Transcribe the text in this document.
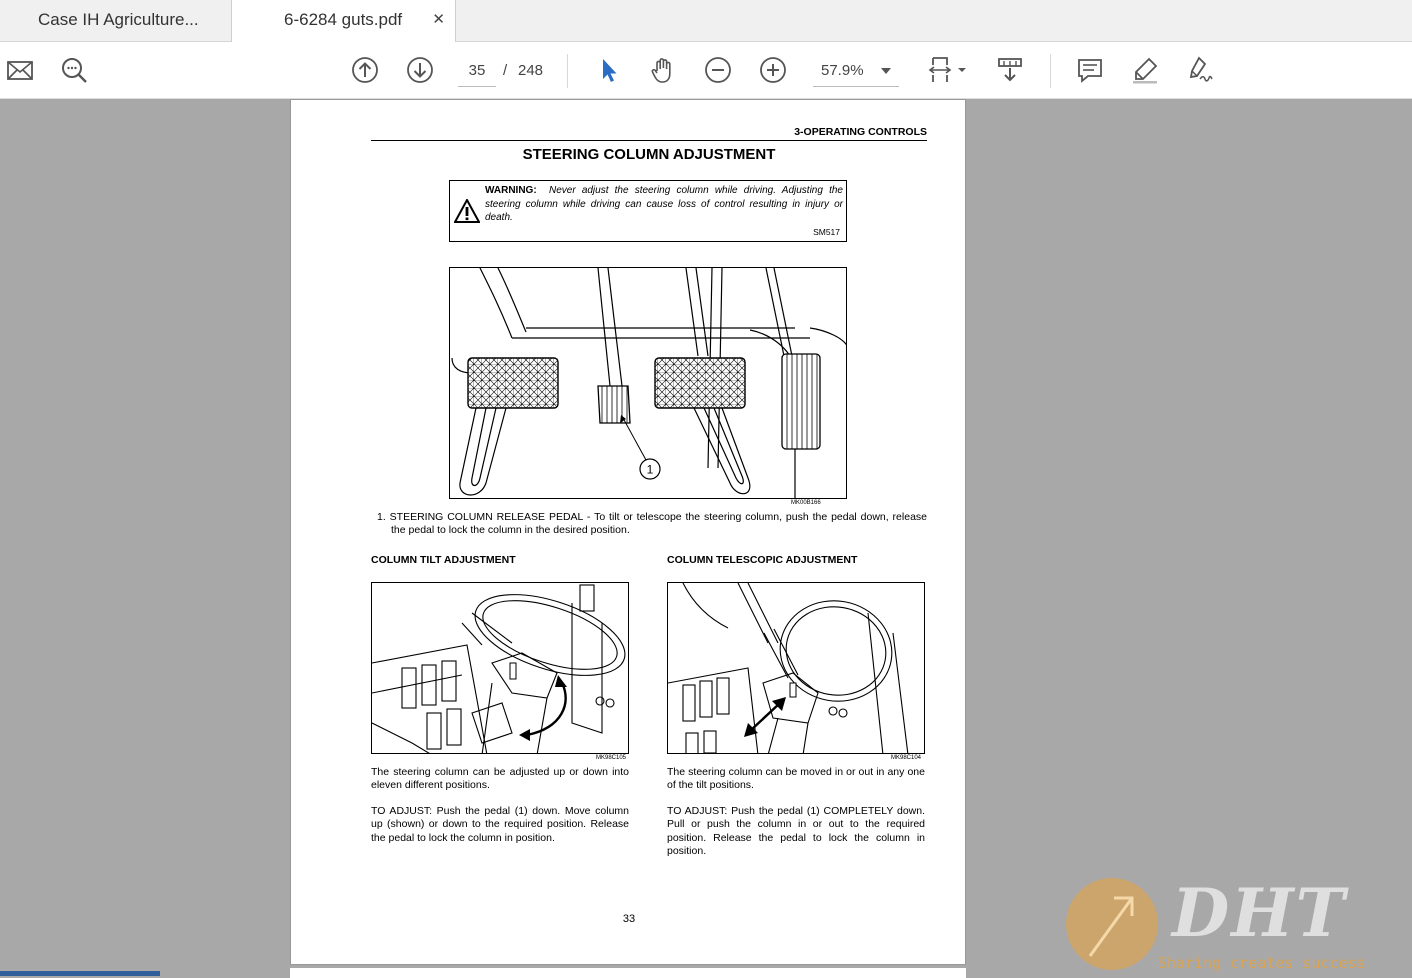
Case IH Agriculture...	6-6284 guts.pdf ✕
35	/ 248	57.9%
3-OPERATING CONTROLS
STEERING COLUMN ADJUSTMENT
WARNING: Never adjust the steering column while driving. Adjusting the steering column while driving can cause loss of control resulting in injury or death.
SM517
1
MK00B166
1. STEERING COLUMN RELEASE PEDAL - To tilt or telescope the steering column, push the pedal down, release the pedal to lock the column in the desired position.
COLUMN TILT ADJUSTMENT
MK98C105
The steering column can be adjusted up or down into eleven different positions.
TO ADJUST: Push the pedal (1) down. Move column up (shown) or down to the required position. Release the pedal to lock the column in position.
COLUMN TELESCOPIC ADJUSTMENT
MK98C104
The steering column can be moved in or out in any one of the tilt positions.
TO ADJUST: Push the pedal (1) COMPLETELY down. Pull or push the column in or out to the required position. Release the pedal to lock the column in position.
33	DHT
Sharing creates success
